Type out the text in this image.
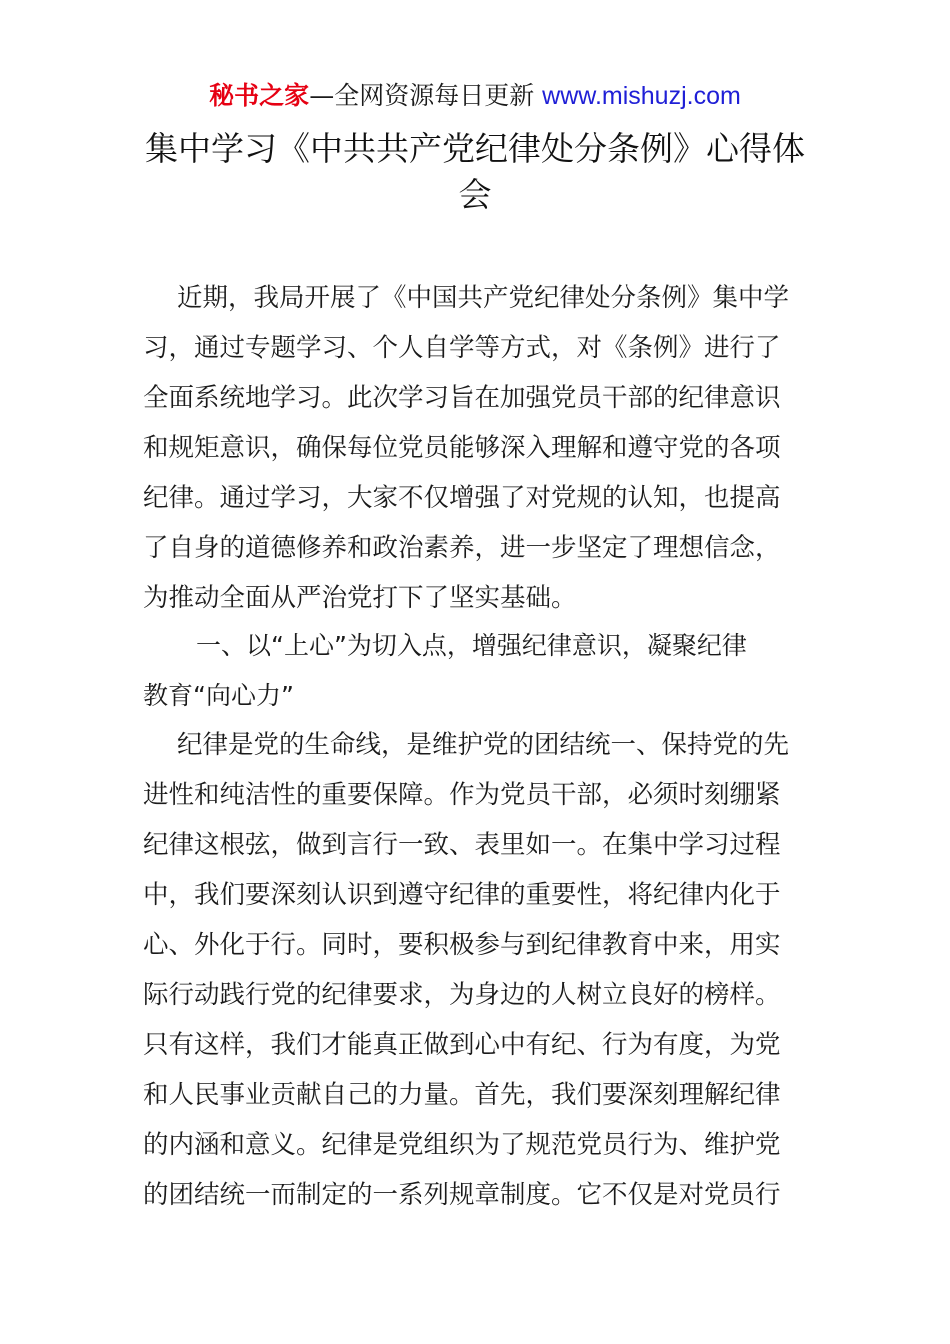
秘书之家—全网资源每日更新 www.mishuzj.com
集中学习《中共共产党纪律处分条例》心得体
会

近期，我局开展了《中国共产党纪律处分条例》集中学

习，通过专题学习、个人自学等方式，对《条例》进行了

全面系统地学习。此次学习旨在加强党员干部的纪律意识

和规矩意识，确保每位党员能够深入理解和遵守党的各项

纪律。通过学习，大家不仅增强了对党规的认知，也提高

了自身的道德修养和政治素养，进一步坚定了理想信念，

为推动全面从严治党打下了坚实基础。

一、以“上心”为切入点，增强纪律意识，凝聚纪律

教育“向心力”

纪律是党的生命线，是维护党的团结统一、保持党的先

进性和纯洁性的重要保障。作为党员干部，必须时刻绷紧

纪律这根弦，做到言行一致、表里如一。在集中学习过程

中，我们要深刻认识到遵守纪律的重要性，将纪律内化于

心、外化于行。同时，要积极参与到纪律教育中来，用实

际行动践行党的纪律要求，为身边的人树立良好的榜样。

只有这样，我们才能真正做到心中有纪、行为有度，为党

和人民事业贡献自己的力量。首先，我们要深刻理解纪律

的内涵和意义。纪律是党组织为了规范党员行为、维护党

的团结统一而制定的一系列规章制度。它不仅是对党员行
